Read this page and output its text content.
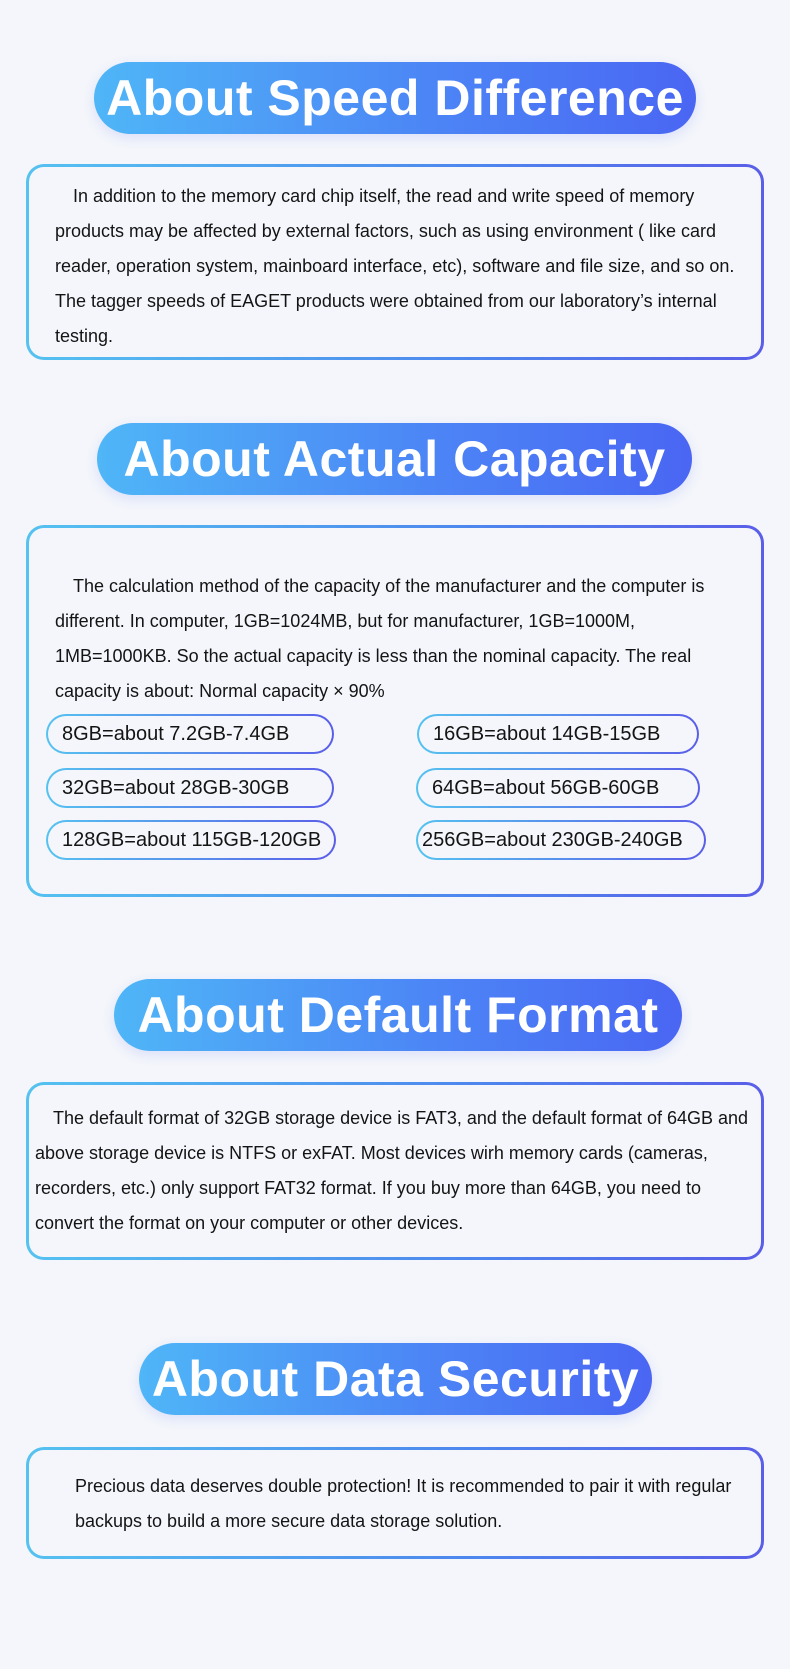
About Speed Difference

In addition to the memory card chip itself, the read and write speed of memory products may be affected by external factors, such as using environment ( like card reader, operation system, mainboard interface, etc), software and file size, and so on. The tagger speeds of EAGET products were obtained from our laboratory’s internal testing.

About Actual Capacity

The calculation method of the capacity of the manufacturer and the computer is different. In computer, 1GB=1024MB, but for manufacturer, 1GB=1000M, 1MB=1000KB. So the actual capacity is less than the nominal capacity. The real capacity is about: Normal capacity × 90%

8GB=about 7.2GB-7.4GB	16GB=about 14GB-15GB
32GB=about 28GB-30GB	64GB=about 56GB-60GB
128GB=about 115GB-120GB	256GB=about 230GB-240GB
About Default Format

The default format of 32GB storage device is FAT3, and the default format of 64GB and above storage device is NTFS or exFAT. Most devices wirh memory cards (cameras, recorders, etc.) only support FAT32 format. If you buy more than 64GB, you need to convert the format on your computer or other devices.

About Data Security

Precious data deserves double protection! It is recommended to pair it with regular backups to build a more secure data storage solution.
